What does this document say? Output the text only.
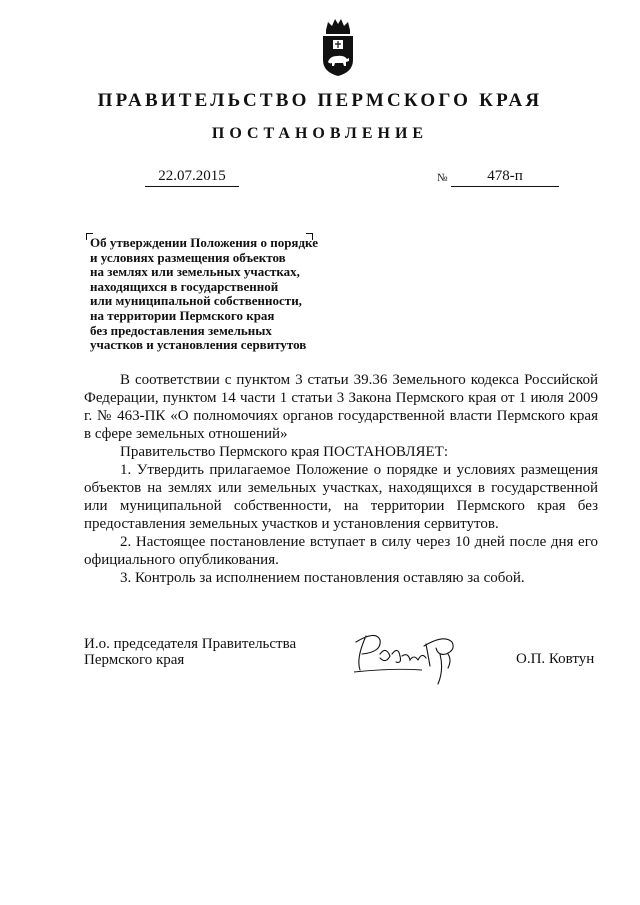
ПРАВИТЕЛЬСТВО ПЕРМСКОГО КРАЯ
ПОСТАНОВЛЕНИЕ
22.07.2015	№	478-п
Об утверждении Положения о порядке
и условиях размещения объектов
на землях или земельных участках,
находящихся в государственной
или муниципальной собственности,
на территории Пермского края
без предоставления земельных
участков и установления сервитутов

В соответствии с пунктом 3 статьи 39.36 Земельного кодекса Российской Федерации, пунктом 14 части 1 статьи 3 Закона Пермского края от 1 июля 2009 г. № 463-ПК «О полномочиях органов государственной власти Пермского края в сфере земельных отношений»

Правительство Пермского края ПОСТАНОВЛЯЕТ:

1. Утвердить прилагаемое Положение о порядке и условиях размещения объектов на землях или земельных участках, находящихся в государственной или муниципальной собственности, на территории Пермского края без предоставления земельных участков и установления сервитутов.

2. Настоящее постановление вступает в силу через 10 дней после дня его официального опубликования.

3. Контроль за исполнением постановления оставляю за собой.

И.о. председателя Правительства
Пермского края	О.П. Ковтун
